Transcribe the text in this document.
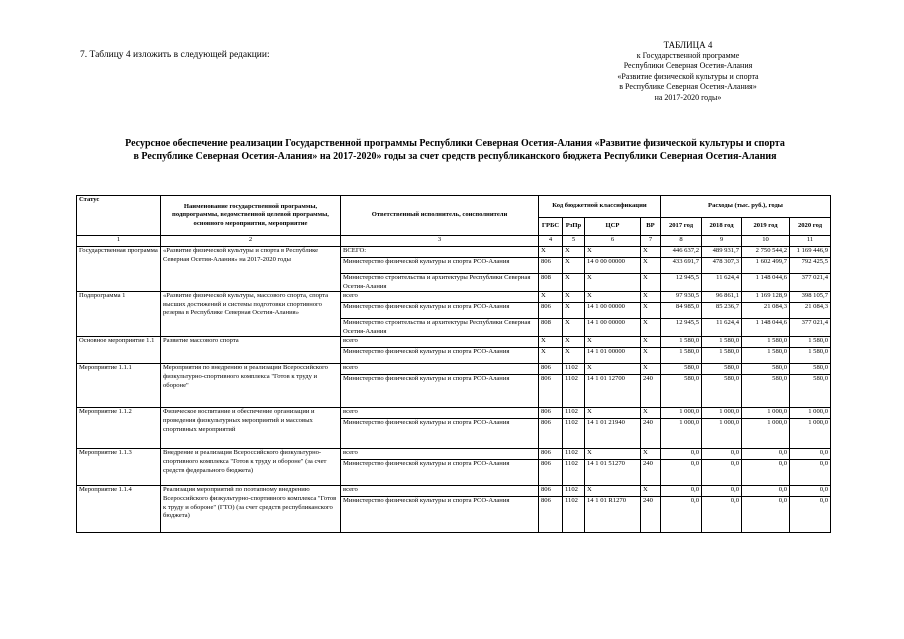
7. Таблицу 4 изложить в следующей редакции:
ТАБЛИЦА 4
к Государственной программе
Республики Северная Осетия-Алания
«Развитие физической культуры и спорта
в Республике Северная Осетия-Алания»
на 2017-2020 годы»
Ресурсное обеспечение реализации Государственной программы Республики Северная Осетия-Алания «Развитие физической культуры и спорта
в Республике Северная Осетия-Алания» на 2017-2020» годы за счет средств республиканского бюджета Республики Северная Осетия-Алания
Статус	Наименование государственной программы, подпрограммы, ведомственной целевой программы, основного мероприятия, мероприятие	Ответственный исполнитель, соисполнители	Код бюджетной классификации				Расходы (тыс. руб.), годы			
			ГРБС	РзПр	ЦСР	ВР	2017 год	2018 год	2019 год	2020 год
1	2	3	4	5	6	7	8	9	10	11
Государственная программа	«Развитие физической культуры и спорта в Республике Северная Осетия-Алания» на 2017-2020 годы	ВСЕГО:	X	X	X	X	446 637,2	489 931,7	2 750 544,2	1 169 446,9
		Министерство физической культуры и спорта РСО-Алания	806	X	14 0 00 00000	X	433 691,7	478 307,3	1 602 499,7	792 425,5
		Министерство строительства и архитектуры Республики Северная Осетия-Алания	808	X	X	X	12 945,5	11 624,4	1 148 044,6	377 021,4
Подпрограмма 1	«Развитие физической культуры, массового спорта, спорта высших достижений и системы подготовки спортивного резерва в Республике Северная Осетия-Алания»	всего	X	X	X	X	97 930,5	96 861,1	1 169 128,9	398 105,7
		Министерство физической культуры и спорта РСО-Алания	806	X	14 1 00 00000	X	84 985,0	85 236,7	21 084,3	21 084,3
		Министерство строительства и архитектуры Республики Северная Осетия-Алания	808	X	14 1 00 00000	X	12 945,5	11 624,4	1 148 044,6	377 021,4
Основное мероприятие 1.1	Развитие массового спорта	всего	X	X	X	X	1 580,0	1 580,0	1 580,0	1 580,0
		Министерство физической культуры и спорта РСО-Алания	X	X	14 1 01 00000	X	1 580,0	1 580,0	1 580,0	1 580,0
Мероприятие 1.1.1	Мероприятия по внедрению и реализации Всероссийского физкультурно-спортивного комплекса "Готов к труду и обороне"	всего	806	1102	X	X	580,0	580,0	580,0	580,0
		Министерство физической культуры и спорта РСО-Алания	806	1102	14 1 01 12700	240	580,0	580,0	580,0	580,0
Мероприятие 1.1.2	Физическое воспитание и обеспечение организации и проведения физкультурных мероприятий и массовых спортивных мероприятий	всего	806	1102	X	X	1 000,0	1 000,0	1 000,0	1 000,0
		Министерство физической культуры и спорта РСО-Алания	806	1102	14 1 01 21940	240	1 000,0	1 000,0	1 000,0	1 000,0
Мероприятие 1.1.3	Внедрение и реализация Всероссийского физкультурно-спортивного комплекса "Готов к труду и обороне" (за счет средств федерального бюджета)	всего	806	1102	X	X	0,0	0,0	0,0	0,0
		Министерство физической культуры и спорта РСО-Алания	806	1102	14 1 01 51270	240	0,0	0,0	0,0	0,0
Мероприятие 1.1.4	Реализация мероприятий по поэтапному внедрению Всероссийского физкультурно-спортивного комплекса "Готов к труду и обороне" (ГТО) (за счет средств республиканского бюджета)	всего	806	1102	X	X	0,0	0,0	0,0	0,0
		Министерство физической культуры и спорта РСО-Алания	806	1102	14 1 01 R1270	240	0,0	0,0	0,0	0,0
